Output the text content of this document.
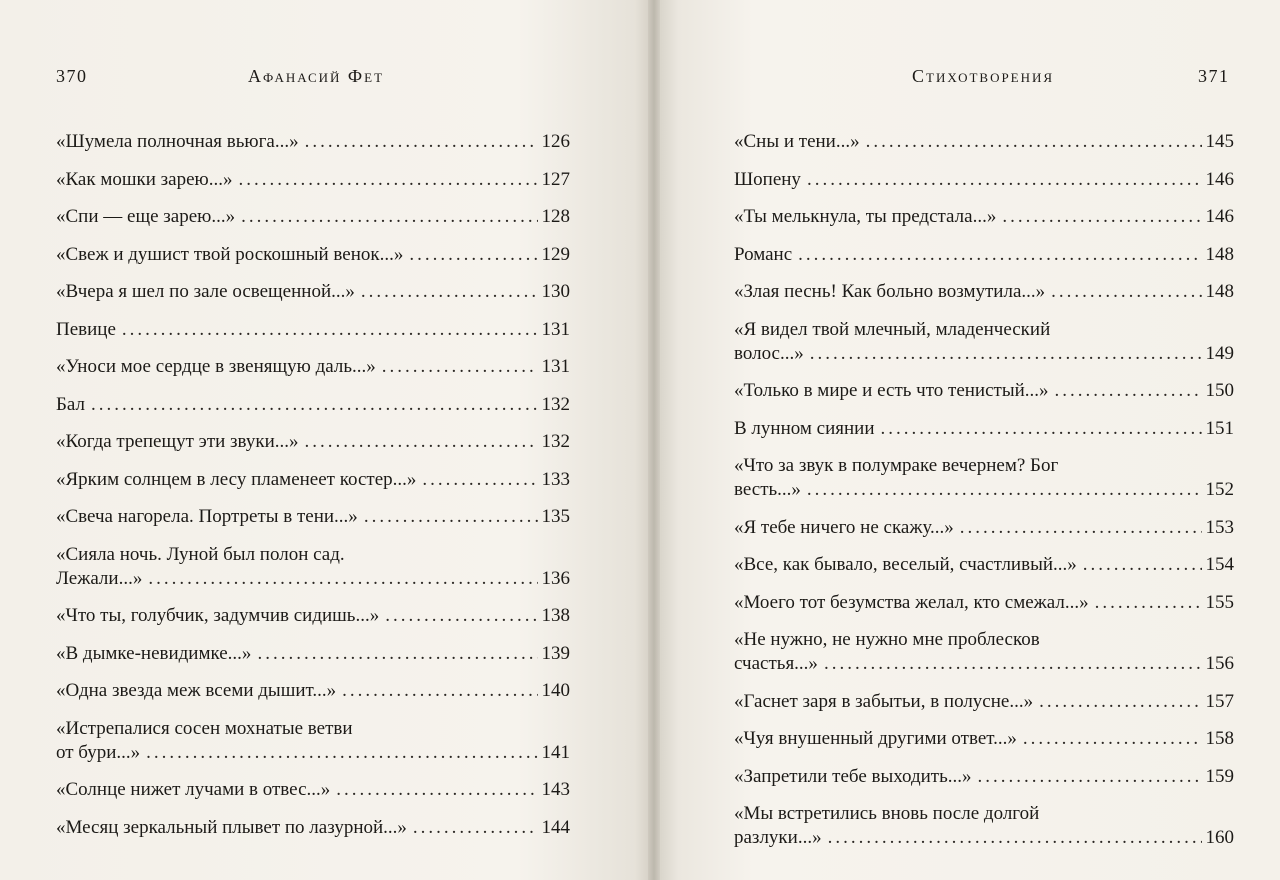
370	Афанасий Фет
«Шумела полночная вьюга...» .....	126
«Как мошки зарею...» .....	127
«Спи — еще зарею...» .....	128
«Свеж и душист твой роскошный венок...» .....	129
«Вчера я шел по зале освещенной...» .....	130
Певице .....	131
«Уноси мое сердце в звенящую даль...» .....	131
Бал .....	132
«Когда трепещут эти звуки...» .....	132
«Ярким солнцем в лесу пламенеет костер...» .....	133
«Свеча нагорела. Портреты в тени...» .....	135
«Сияла ночь. Луной был полон сад.
Лежали...» .....	136
«Что ты, голубчик, задумчив сидишь...» .....	138
«В дымке-невидимке...» .....	139
«Одна звезда меж всеми дышит...» .....	140
«Истрепалися сосен мохнатые ветви
от бури...» .....	141
«Солнце нижет лучами в отвес...» .....	143
«Месяц зеркальный плывет по лазурной...» .....	144
Стихотворения	371
«Сны и тени...» .....	145
Шопену .....	146
«Ты мелькнула, ты предстала...» .....	146
Романс .....	148
«Злая песнь! Как больно возмутила...» .....	148
«Я видел твой млечный, младенческий
волос...» .....	149
«Только в мире и есть что тенистый...» .....	150
В лунном сиянии .....	151
«Что за звук в полумраке вечернем? Бог
весть...» .....	152
«Я тебе ничего не скажу...» .....	153
«Все, как бывало, веселый, счастливый...» .....	154
«Моего тот безумства желал, кто смежал...» .....	155
«Не нужно, не нужно мне проблесков
счастья...» .....	156
«Гаснет заря в забытьи, в полусне...» .....	157
«Чуя внушенный другими ответ...» .....	158
«Запретили тебе выходить...» .....	159
«Мы встретились вновь после долгой
разлуки...» .....	160
